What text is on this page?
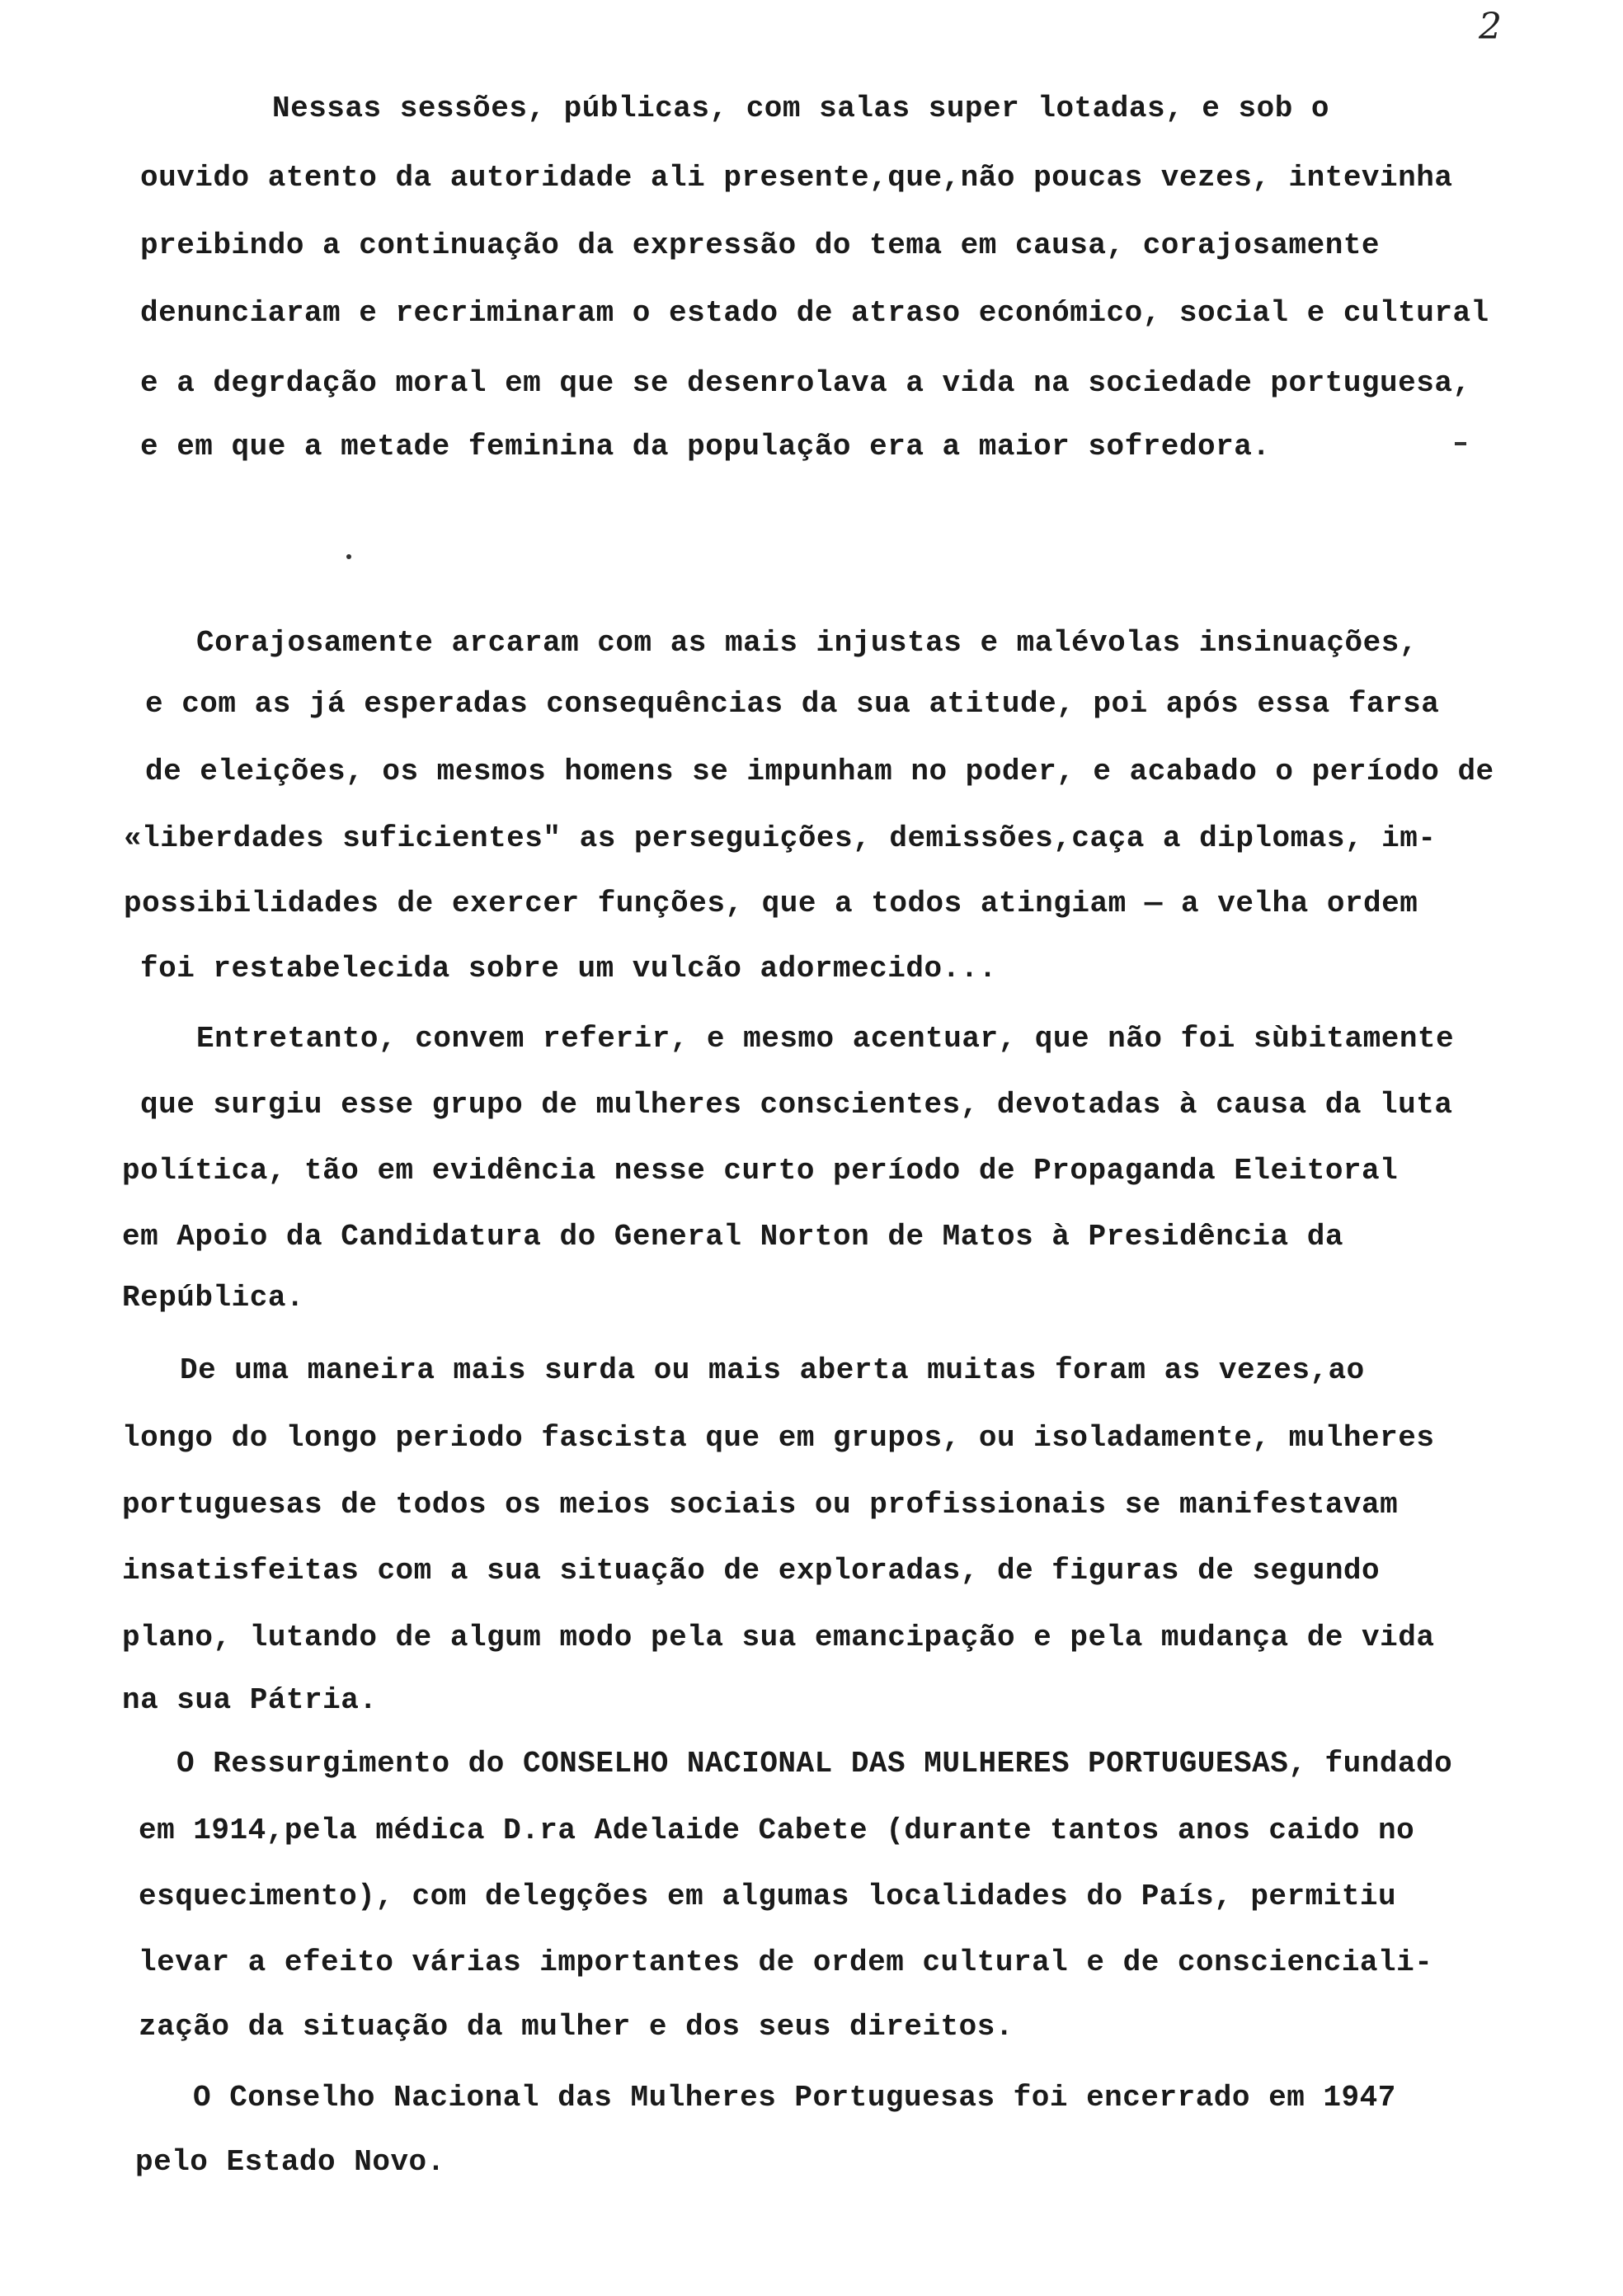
2
Nessas sessões, públicas, com salas super lotadas, e sob o
ouvido atento da autoridade ali presente,que,não poucas vezes, intevinha
preibindo a continuação da expressão do tema em causa, corajosamente
denunciaram e recriminaram o estado de atraso económico, social e cultural
e a degrdação moral em que se desenrolava a vida na sociedade portuguesa,
e em que a metade feminina da população era a maior sofredora.
Corajosamente arcaram com as mais injustas e malévolas insinuações,
e com as já esperadas consequências da sua atitude, poi após essa farsa
de eleições, os mesmos homens se impunham no poder, e acabado o período de
«liberdades suficientes" as perseguições, demissões,caça a diplomas, im-
possibilidades de exercer funções, que a todos atingiam — a velha ordem
foi restabelecida sobre um vulcão adormecido...
Entretanto, convem referir, e mesmo acentuar, que não foi sùbitamente
que surgiu esse grupo de mulheres conscientes, devotadas à causa da luta
política, tão em evidência nesse curto período de Propaganda Eleitoral
em Apoio da Candidatura do General Norton de Matos à Presidência da
República.
De uma maneira mais surda ou mais aberta muitas foram as vezes,ao
longo do longo periodo fascista que em grupos, ou isoladamente, mulheres
portuguesas de todos os meios sociais ou profissionais se manifestavam
insatisfeitas com a sua situação de exploradas, de figuras de segundo
plano, lutando de algum modo pela sua emancipação e pela mudança de vida
na sua Pátria.
O Ressurgimento do CONSELHO NACIONAL DAS MULHERES PORTUGUESAS, fundado
em 1914,pela médica D.ra Adelaide Cabete (durante tantos anos caido no
esquecimento), com delegções em algumas localidades do País, permitiu
levar a efeito várias importantes de ordem cultural e de conscienciali-
zação da situação da mulher e dos seus direitos.
O Conselho Nacional das Mulheres Portuguesas foi encerrado em 1947
pelo Estado Novo.
